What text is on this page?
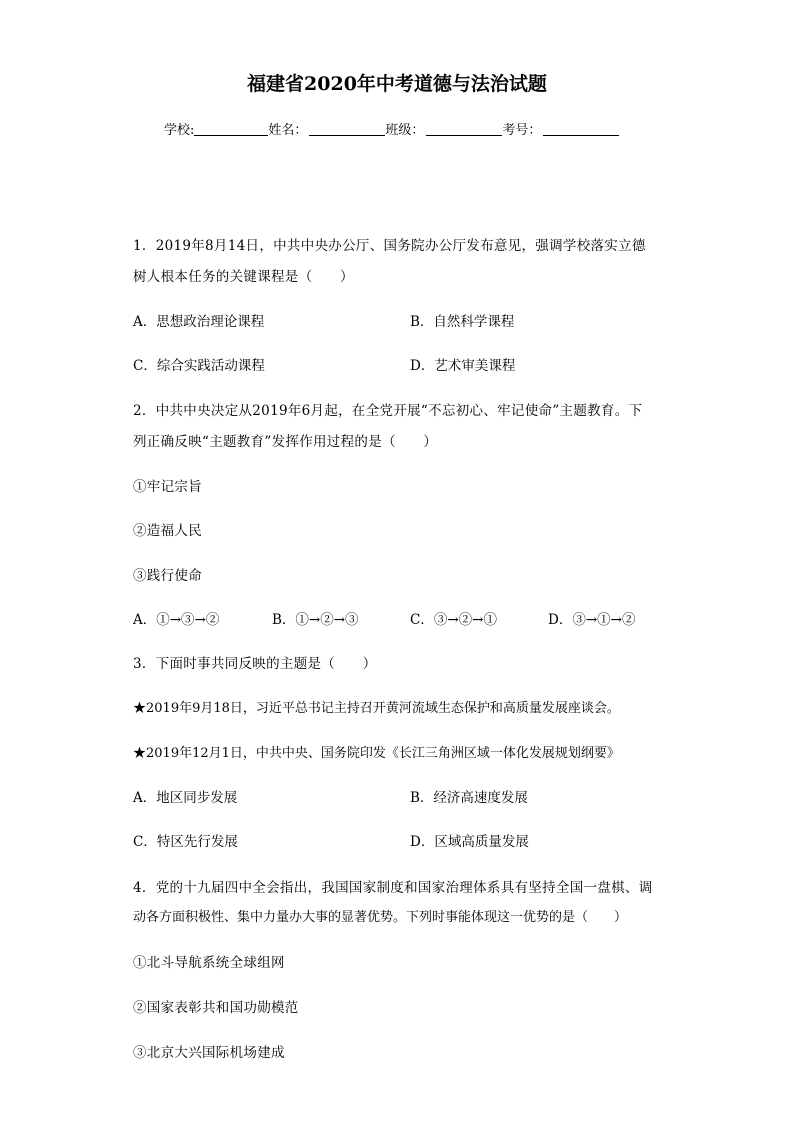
福建省2020年中考道德与法治试题
学校:	姓名：	班级：	考号：
1．2019年8月14日，中共中央办公厅、国务院办公厅发布意见，强调学校落实立德
树人根本任务的关键课程是（　　）
A．思想政治理论课程	B．自然科学课程
C．综合实践活动课程	D．艺术审美课程
2．中共中央决定从2019年6月起，在全党开展“不忘初心、牢记使命”主题教育。下
列正确反映“主题教育”发挥作用过程的是（　　）
①牢记宗旨
②造福人民
③践行使命
A．①→③→②	B．①→②→③	C．③→②→①	D．③→①→②
3．下面时事共同反映的主题是（　　）
★2019年9月18日，习近平总书记主持召开黄河流域生态保护和高质量发展座谈会。
★2019年12月1日，中共中央、国务院印发《长江三角洲区域一体化发展规划纲要》
A．地区同步发展	B．经济高速度发展
C．特区先行发展	D．区域高质量发展
4．党的十九届四中全会指出，我国国家制度和国家治理体系具有坚持全国一盘棋、调
动各方面积极性、集中力量办大事的显著优势。下列时事能体现这一优势的是（　　）
①北斗导航系统全球组网
②国家表彰共和国功勋模范
③北京大兴国际机场建成
